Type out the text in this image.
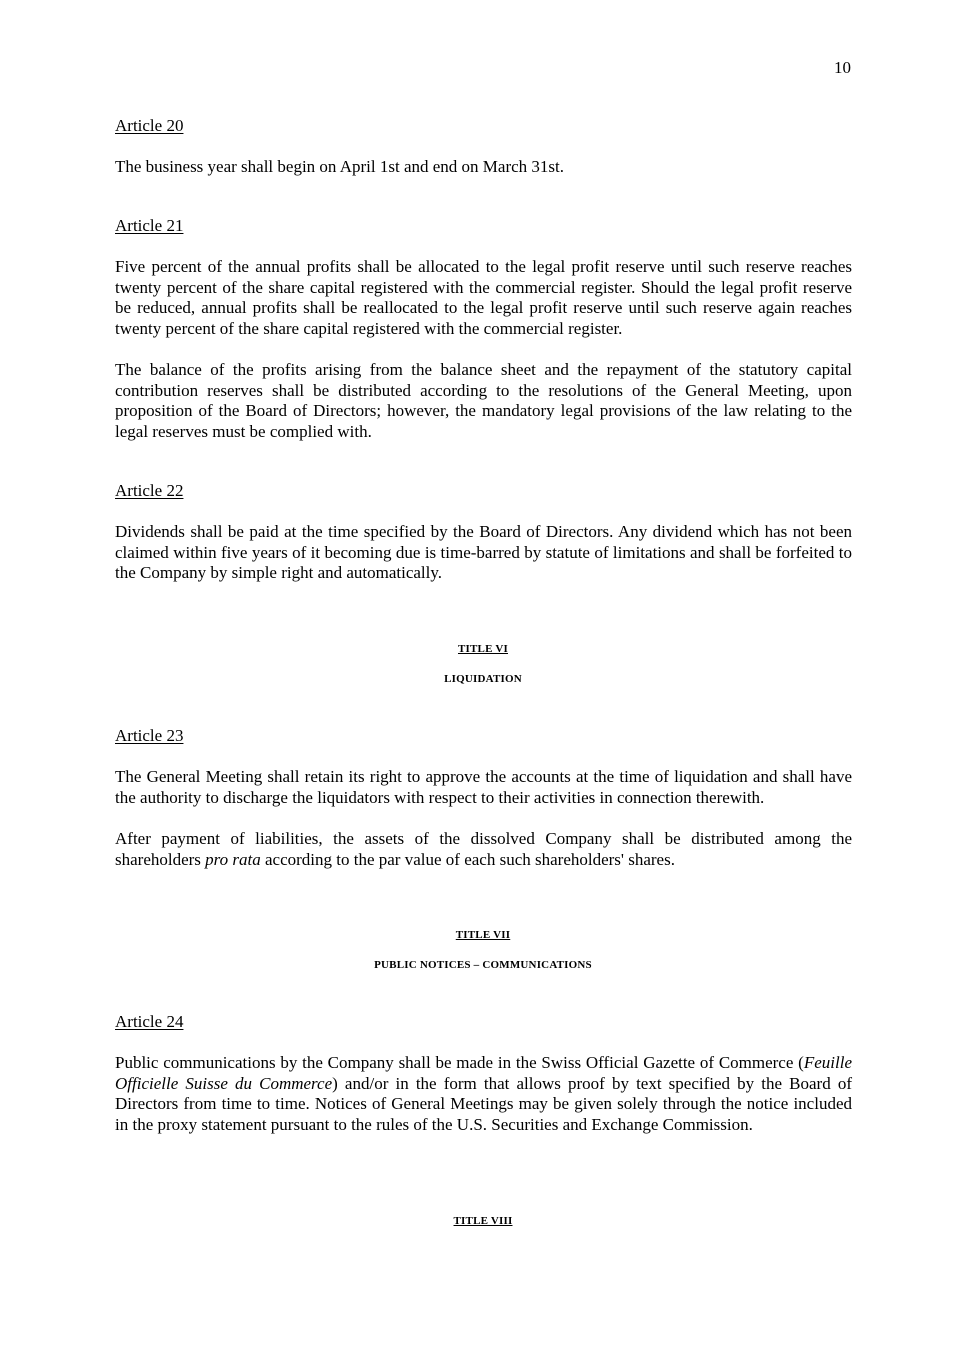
10
Article 20

The business year shall begin on April 1st and end on March 31st.

Article 21

Five percent of the annual profits shall be allocated to the legal profit reserve until such reserve reaches twenty percent of the share capital registered with the commercial register. Should the legal profit reserve be reduced, annual profits shall be reallocated to the legal profit reserve until such reserve again reaches twenty percent of the share capital registered with the commercial register.

The balance of the profits arising from the balance sheet and the repayment of the statutory capital contribution reserves shall be distributed according to the resolutions of the General Meeting, upon proposition of the Board of Directors; however, the mandatory legal provisions of the law relating to the legal reserves must be complied with.

Article 22

Dividends shall be paid at the time specified by the Board of Directors. Any dividend which has not been claimed within five years of it becoming due is time-barred by statute of limitations and shall be forfeited to the Company by simple right and automatically.

TITLE VI
LIQUIDATION
Article 23

The General Meeting shall retain its right to approve the accounts at the time of liquidation and shall have the authority to discharge the liquidators with respect to their activities in connection therewith.

After payment of liabilities, the assets of the dissolved Company shall be distributed among the shareholders pro rata according to the par value of each such shareholders' shares.

TITLE VII
PUBLIC NOTICES – COMMUNICATIONS
Article 24

Public communications by the Company shall be made in the Swiss Official Gazette of Commerce (Feuille Officielle Suisse du Commerce) and/or in the form that allows proof by text specified by the Board of Directors from time to time. Notices of General Meetings may be given solely through the notice included in the proxy statement pursuant to the rules of the U.S. Securities and Exchange Commission.

TITLE VIII
